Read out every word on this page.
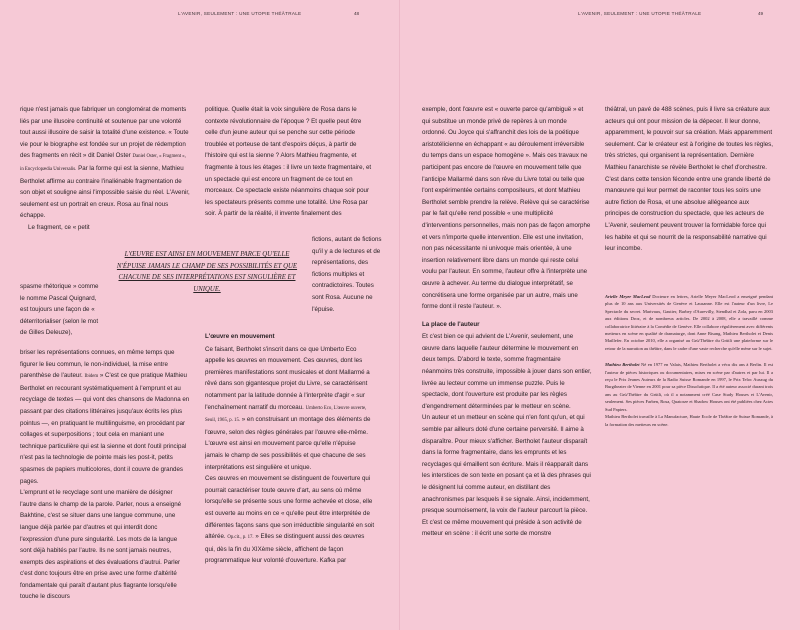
L'AVENIR, SEULEMENT : UNE UTOPIE THÉÂTRALE	48

rique n'est jamais que fabriquer un conglomérat de moments liés par une illusoire continuité et soutenue par une volonté tout aussi illusoire de saisir la totalité d'une existence. « Toute vie pour le biographe est fondée sur un projet de rédemption des fragments en récit » dit Daniel Oster Daniel Oster, « Fragment », in Encyclopædia Universalis. Par la forme qui est la sienne, Mathieu Bertholet affirme au contraire l'inaliénable fragmentation de son objet et souligne ainsi l'impossible saisie du réel. L'Avenir, seulement est un portrait en creux. Rosa au final nous échappe.

Le fragment, ce « petit

spasme rhétorique » comme le nomme Pascal Quignard, est toujours une façon de « déterritorialiser (selon le mot de Gilles Deleuze),

briser les représentations connues, en même temps que figurer le lieu commun, le non-individuel, la mise entre parenthèse de l'auteur. Ibidem » C'est ce que pratique Mathieu Bertholet en recourant systématiquement à l'emprunt et au recyclage de textes — qui vont des chansons de Madonna en passant par des citations littéraires jusqu'aux écrits les plus pointus —, en pratiquant le multilinguisme, en procédant par collages et superpositions ; tout cela en maniant une technique particulière qui est la sienne et dont l'outil principal n'est pas la technologie de pointe mais les post-it, petits spasmes de papiers multicolores, dont il couvre de grandes pages.

L'emprunt et le recyclage sont une manière de désigner l'autre dans le champ de la parole. Parler, nous a enseigné Bakhtine, c'est se situer dans une langue commune, une langue déjà parlée par d'autres et qui interdit donc l'expression d'une pure singularité. Les mots de la langue sont déjà habités par l'autre. Ils ne sont jamais neutres, exempts des aspirations et des évaluations d'autrui. Parler c'est donc toujours être en prise avec une forme d'altérité fondamentale qui paraît d'autant plus flagrante lorsqu'elle touche le discours

politique. Quelle était la voix singulière de Rosa dans le contexte révolutionnaire de l'époque ? Et quelle peut être celle d'un jeune auteur qui se penche sur cette période troublée et porteuse de tant d'espoirs déçus, à partir de l'histoire qui est la sienne ? Alors Mathieu fragmente, et fragmente à tous les étages : il livre un texte fragmentaire, et un spectacle qui est encore un fragment de ce tout en morceaux. Ce spectacle existe néanmoins chaque soir pour les spectateurs présents comme une totalité. Une Rosa par soir. À partir de la réalité, il invente finalement des

fictions, autant de fictions qu'il y a de lectures et de représentations, des fictions multiples et contradictoires. Toutes sont Rosa. Aucune ne l'épuise.
L'ŒUVRE EST AINSI EN MOUVEMENT PARCE QU'ELLE N'ÉPUISE JAMAIS LE CHAMP DE SES POSSIBILITÉS ET QUE CHACUNE DE SES INTERPRÉTATIONS EST SINGULIÈRE ET UNIQUE.

L'œuvre en mouvement

Ce faisant, Bertholet s'inscrit dans ce que Umberto Eco appelle les œuvres en mouvement. Ces œuvres, dont les premières manifestations sont musicales et dont Mallarmé a rêvé dans son gigantesque projet du Livre, se caractérisent notamment par la latitude donnée à l'interprète d'agir « sur l'enchaînement narratif du morceau. Umberto Eco, L'œuvre ouverte, Seuil, 1965, p. 15. » en construisant un montage des éléments de l'œuvre, selon des règles générales par l'œuvre elle-même. L'œuvre est ainsi en mouvement parce qu'elle n'épuise jamais le champ de ses possibilités et que chacune de ses interprétations est singulière et unique.

Ces œuvres en mouvement se distinguent de l'ouverture qui pourrait caractériser toute œuvre d'art, au sens où même lorsqu'elle se présente sous une forme achevée et close, elle est ouverte au moins en ce « qu'elle peut être interprétée de différentes façons sans que son irréductible singularité en soit altérée. Op.cit., p. 17. » Elles se distinguent aussi des œuvres qui, dès la fin du XIXème siècle, affichent de façon programmatique leur volonté d'ouverture. Kafka par

L'AVENIR, SEULEMENT : UNE UTOPIE THÉÂTRALE	49

exemple, dont l'œuvre est « ouverte parce qu'ambiguë » et qui substitue un monde privé de repères à un monde ordonné. Ou Joyce qui s'affranchit des lois de la poétique aristotélicienne en échappant « au déroulement irréversible du temps dans un espace homogène ». Mais ces travaux ne participent pas encore de l'œuvre en mouvement telle que l'anticipe Mallarmé dans son rêve du Livre total ou telle que l'ont expérimentée certains compositeurs, et dont Mathieu Bertholet semble prendre la relève. Relève qui se caractérise par le fait qu'elle rend possible « une multiplicité d'interventions personnelles, mais non pas de façon amorphe et vers n'importe quelle intervention. Elle est une invitation, non pas nécessitante ni univoque mais orientée, à une insertion relativement libre dans un monde qui reste celui voulu par l'auteur. En somme, l'auteur offre à l'interprète une œuvre à achever. Au terme du dialogue interprétatif, se concrétisera une forme organisée par un autre, mais une forme dont il reste l'auteur. ».

La place de l'auteur

Et c'est bien ce qui advient de L'Avenir, seulement, une œuvre dans laquelle l'auteur détermine le mouvement en deux temps. D'abord le texte, somme fragmentaire néanmoins très construite, impossible à jouer dans son entier, livrée au lecteur comme un immense puzzle. Puis le spectacle, dont l'ouverture est produite par les règles d'engendrement déterminées par le metteur en scène.

Un auteur et un metteur en scène qui n'en font qu'un, et qui semble par ailleurs doté d'une certaine perversité. Il aime à disparaître. Pour mieux s'afficher. Bertholet l'auteur disparaît dans la forme fragmentaire, dans les emprunts et les recyclages qui émaillent son écriture. Mais il réapparaît dans les interstices de son texte en posant ça et là des phrases qui le désignent lui comme auteur, en distillant des anachronismes par lesquels il se signale. Ainsi, incidemment, presque sournoisement, la voix de l'auteur parcourt la pièce.

Et c'est ce même mouvement qui préside à son activité de metteur en scène : il écrit une sorte de monstre

théâtral, un pavé de 488 scènes, puis il livre sa créature aux acteurs qui ont pour mission de la dépecer. Il leur donne, apparemment, le pouvoir sur sa création. Mais apparemment seulement. Car le créateur est à l'origine de toutes les règles, très strictes, qui organisent la représentation. Dernière Mathieu l'anarchiste se révèle Bertholet le chef d'orchestre.

C'est dans cette tension féconde entre une grande liberté de manœuvre qui leur permet de raconter tous les soirs une autre fiction de Rosa, et une absolue allégeance aux principes de construction du spectacle, que les acteurs de L'Avenir, seulement peuvent trouver la formidable force qui les habite et qui se nourrit de la responsabilité narrative qui leur incombe.

Arielle Meyer MacLeod Docteure en lettres, Arielle Meyer MacLeod a enseigné pendant plus de 10 ans aux Universités de Genève et Lausanne. Elle est l'auteur d'un livre, Le Spectacle du secret. Marivaux, Gautier, Barbey d'Aurevilly, Stendhal et Zola, paru en 2003 aux éditions Droz, et de nombreux articles. De 2002 à 2008, elle a travaillé comme collaboratrice littéraire à la Comédie de Genève. Elle collabore régulièrement avec différents metteurs en scène en qualité de dramaturge, dont Anne Bisang, Mathieu Bertholet et Denis Maillefer. En octobre 2010, elle a organisé au Grü/Théâtre du Grütli une plateforme sur le retour de la narration au théâtre, dans le cadre d'une vaste recherche qu'elle mène sur le sujet.

Mathieu Bertholet Né en 1977 en Valais, Mathieu Bertholet a vécu dix ans à Berlin. Il est l'auteur de pièces historiques ou documentaires, mises en scène par d'autres et par lui. Il a reçu le Prix Jeunes Auteurs de la Radio Suisse Romande en 1997, le Prix Teloc Auszug du Burgtheater de Vienne en 2001 pour sa pièce Dissolutique. Il a été auteur associé durant trois ans au Grü/Théâtre du Grütli, où il a notamment créé Case Study Houses et L'Avenir, seulement. Ses pièces Farben, Rosa, Quatorze et Shadow Houses ont été publiées chez Actes Sud Papiers.

Mathieu Bertholet travaille à La Manufacture, Haute Ecole de Théâtre de Suisse Romande, à la formation des metteurs en scène.
